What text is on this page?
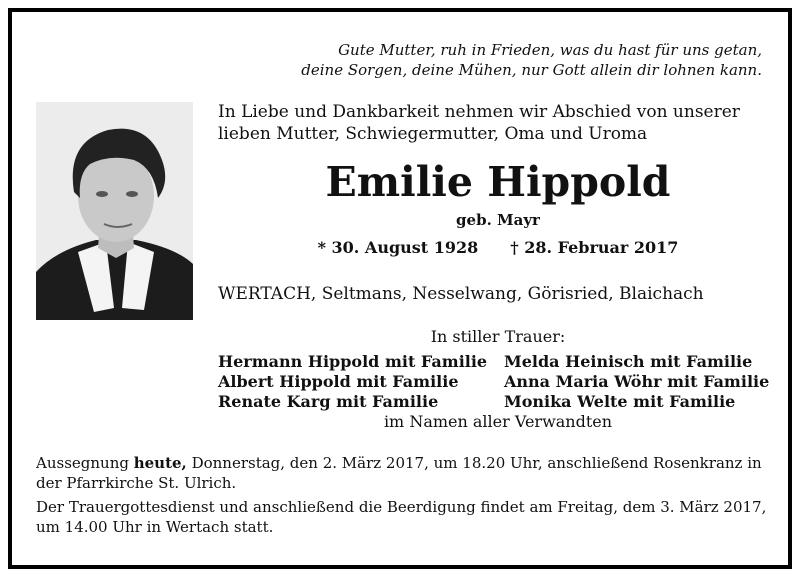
Gute Mutter, ruh in Frieden, was du hast für uns getan,
deine Sorgen, deine Mühen, nur Gott allein dir lohnen kann.
In Liebe und Dankbarkeit nehmen wir Abschied von unserer
lieben Mutter, Schwiegermutter, Oma und Uroma
Emilie Hippold
geb. Mayr
* 30. August 1928 † 28. Februar 2017
WERTACH, Seltmans, Nesselwang, Görisried, Blaichach
In stiller Trauer:
Hermann Hippold mit Familie	Melda Heinisch mit Familie
Albert Hippold mit Familie	Anna Maria Wöhr mit Familie
Renate Karg mit Familie	Monika Welte mit Familie
im Namen aller Verwandten

Aussegnung heute, Donnerstag, den 2. März 2017, um 18.20 Uhr, anschließend Rosenkranz in der Pfarrkirche St. Ulrich.

Der Trauergottesdienst und anschließend die Beerdigung findet am Freitag, dem 3. März 2017, um 14.00 Uhr in Wertach statt.
